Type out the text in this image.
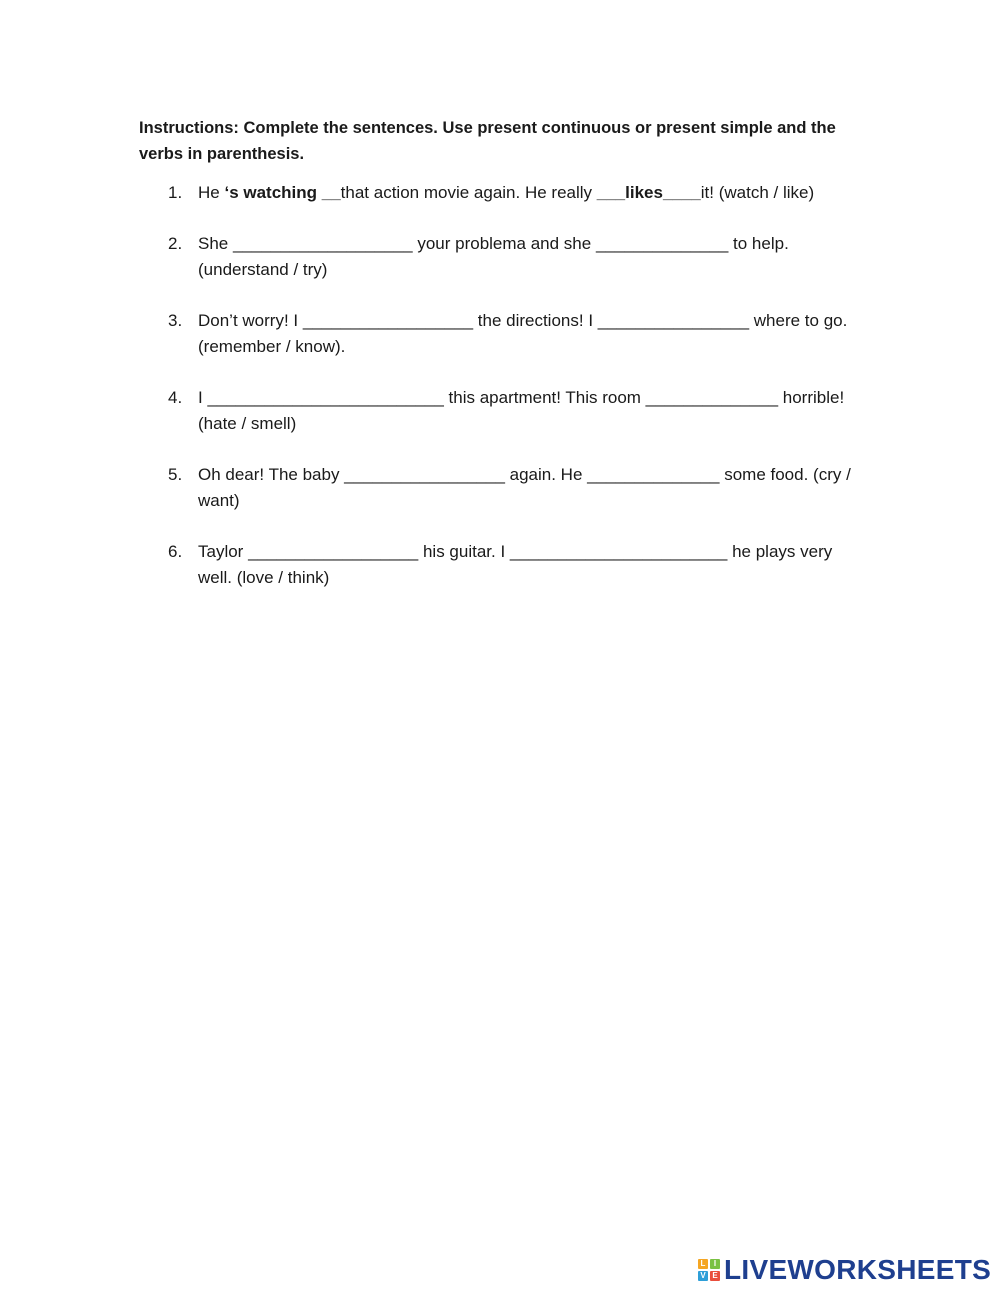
Instructions: Complete the sentences. Use present continuous or present simple and the verbs in parenthesis.
1. He ‘s watching __that action movie again. He really ___likes____it! (watch / like)
2. She ___________________ your problema and she ______________ to help. (understand / try)
3. Don’t worry! I __________________ the directions! I ________________ where to go. (remember / know).
4. I _________________________ this apartment! This room ______________ horrible! (hate / smell)
5. Oh dear! The baby _________________ again. He ______________ some food. (cry / want)
6. Taylor __________________ his guitar. I _______________________ he plays very well. (love / think)
L	I
V E LIVEWORKSHEETS
